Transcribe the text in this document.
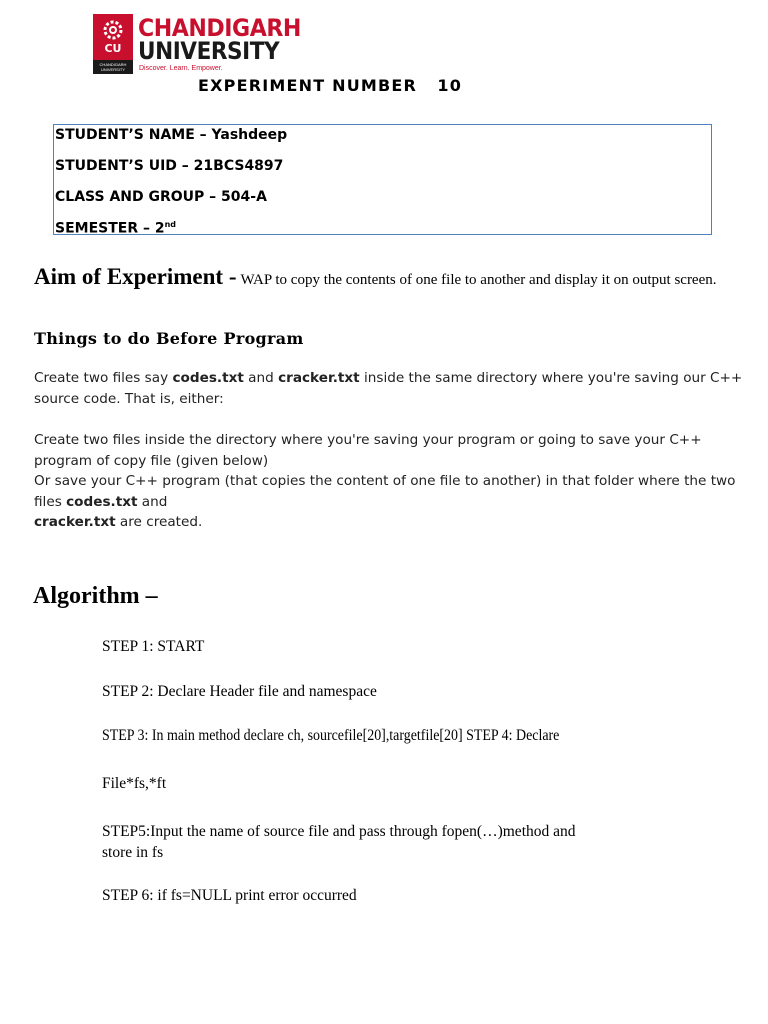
CU
CHANDIGARH UNIVERSITY
CHANDIGARH
UNIVERSITY
Discover. Learn. Empower.
EXPERIMENT NUMBER   10
STUDENT’S NAME – Yashdeep
STUDENT’S UID – 21BCS4897
CLASS AND GROUP – 504-A
SEMESTER – 2nd
Aim of Experiment - WAP to copy the contents of one file to another and display it on output screen.
Things to do Before Program
Create two files say codes.txt and cracker.txt inside the same directory where you're saving our C++ source code. That is, either:
Create two files inside the directory where you're saving your program or going to save your C++ program of copy file (given below)
Or save your C++ program (that copies the content of one file to another) in that folder where the two files codes.txt and
cracker.txt are created.
Algorithm –
STEP 1: START
STEP 2: Declare Header file and namespace
STEP 3: In main method declare ch, sourcefile[20],targetfile[20] STEP 4: Declare
File*fs,*ft
STEP5:Input the name of source file and pass through fopen(…)method and
store in fs
STEP 6: if fs=NULL print error occurred
